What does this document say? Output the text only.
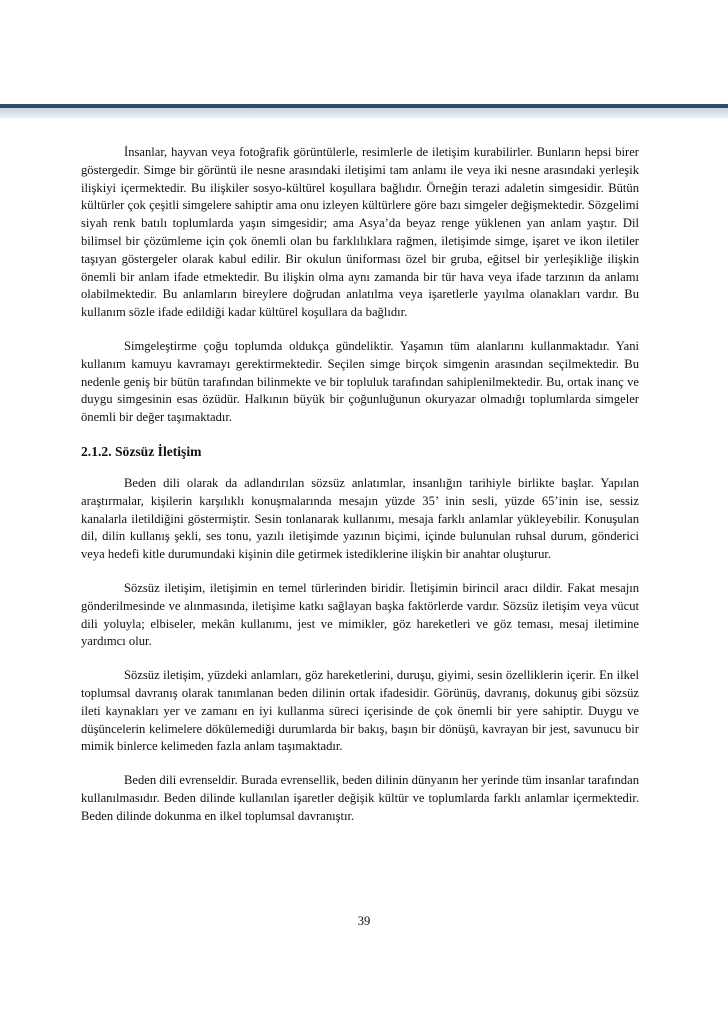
İnsanlar, hayvan veya fotoğrafik görüntülerle, resimlerle de iletişim kurabilirler. Bunların hepsi birer göstergedir. Simge bir görüntü ile nesne arasındaki iletişimi tam anlamı ile veya iki nesne arasındaki yerleşik ilişkiyi içermektedir. Bu ilişkiler sosyo-kültürel koşullara bağlıdır. Örneğin terazi adaletin simgesidir. Bütün kültürler çok çeşitli simgelere sahiptir ama onu izleyen kültürlere göre bazı simgeler değişmektedir. Sözgelimi siyah renk batılı toplumlarda yaşın simgesidir; ama Asya’da beyaz renge yüklenen yan anlam yaştır. Dil bilimsel bir çözümleme için çok önemli olan bu farklılıklara rağmen, iletişimde simge, işaret ve ikon iletiler taşıyan göstergeler olarak kabul edilir. Bir okulun üniforması özel bir gruba, eğitsel bir yerleşikliğe ilişkin önemli bir anlam ifade etmektedir. Bu ilişkin olma aynı zamanda bir tür hava veya ifade tarzının da anlamı olabilmektedir. Bu anlamların bireylere doğrudan anlatılma veya işaretlerle yayılma olanakları vardır. Bu kullanım sözle ifade edildiği kadar kültürel koşullara da bağlıdır.

Simgeleştirme çoğu toplumda oldukça gündeliktir. Yaşamın tüm alanlarını kullanmaktadır. Yani kullanım kamuyu kavramayı gerektirmektedir. Seçilen simge birçok simgenin arasından seçilmektedir. Bu nedenle geniş bir bütün tarafından bilinmekte ve bir topluluk tarafından sahiplenilmektedir. Bu, ortak inanç ve duygu simgesinin esas özüdür. Halkının büyük bir çoğunluğunun okuryazar olmadığı toplumlarda simgeler önemli bir değer taşımaktadır.

2.1.2. Sözsüz İletişim

Beden dili olarak da adlandırılan sözsüz anlatımlar, insanlığın tarihiyle birlikte başlar. Yapılan araştırmalar, kişilerin karşılıklı konuşmalarında mesajın yüzde 35’ inin sesli, yüzde 65’inin ise, sessiz kanalarla iletildiğini göstermiştir. Sesin tonlanarak kullanımı, mesaja farklı anlamlar yükleyebilir. Konuşulan dil, dilin kullanış şekli, ses tonu, yazılı iletişimde yazının biçimi, içinde bulunulan ruhsal durum, gönderici veya hedefi kitle durumundaki kişinin dile getirmek istediklerine ilişkin bir anahtar oluşturur.

Sözsüz iletişim, iletişimin en temel türlerinden biridir. İletişimin birincil aracı dildir. Fakat mesajın gönderilmesinde ve alınmasında, iletişime katkı sağlayan başka faktörlerde vardır. Sözsüz iletişim veya vücut dili yoluyla; elbiseler, mekân kullanımı, jest ve mimikler, göz hareketleri ve göz teması, mesaj iletimine yardımcı olur.

Sözsüz iletişim, yüzdeki anlamları, göz hareketlerini, duruşu, giyimi, sesin özelliklerin içerir. En ilkel toplumsal davranış olarak tanımlanan beden dilinin ortak ifadesidir. Görünüş, davranış, dokunuş gibi sözsüz ileti kaynakları yer ve zamanı en iyi kullanma süreci içerisinde de çok önemli bir yere sahiptir. Duygu ve düşüncelerin kelimelere dökülemediği durumlarda bir bakış, başın bir dönüşü, kavrayan bir jest, savunucu bir mimik binlerce kelimeden fazla anlam taşımaktadır.

Beden dili evrenseldir. Burada evrensellik, beden dilinin dünyanın her yerinde tüm insanlar tarafından kullanılmasıdır. Beden dilinde kullanılan işaretler değişik kültür ve toplumlarda farklı anlamlar içermektedir. Beden dilinde dokunma en ilkel toplumsal davranıştır.

39
